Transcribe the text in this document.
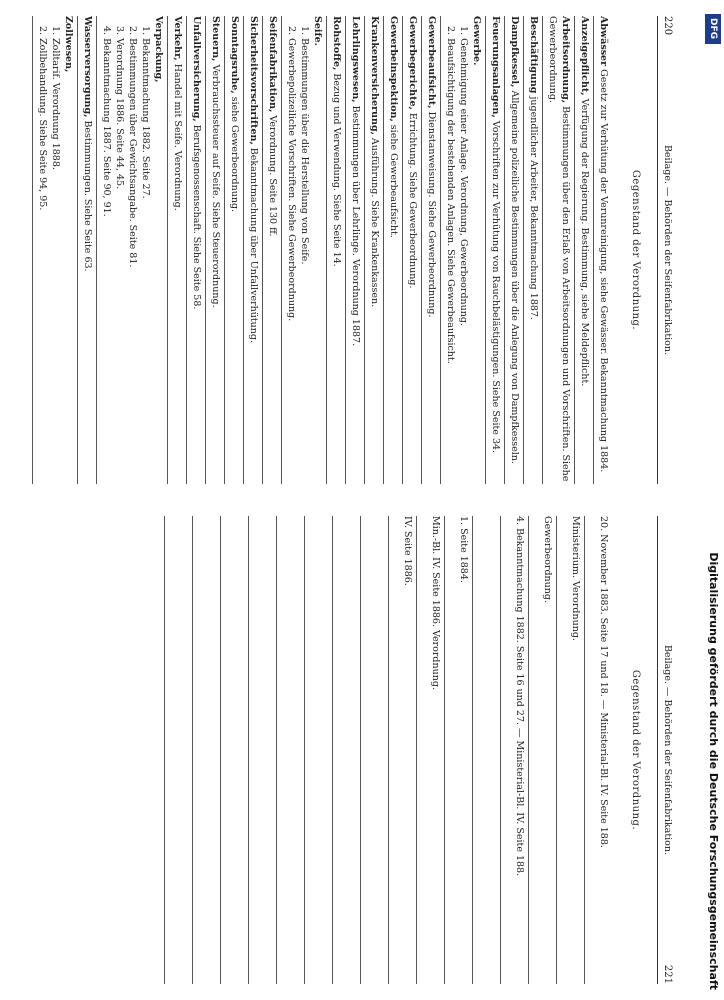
220
Beilage. — Behörden der Seifenfabrikation.
Gegenstand der Verordnung.
Abwässer Gesetz zur Verhütung der Verunreinigung, siehe Gewässer. Bekanntmachung 1884.
Anzeigepflicht, Verfügung der Regierung. Bestimmung, siehe Meldepflicht.
Arbeitsordnung, Bestimmungen über den Erlaß von Arbeitsordnungen und Vorschriften. Siehe Gewerbeordnung.
Beschäftigung jugendlicher Arbeiter, Bekanntmachung 1887.
Dampfkessel, Allgemeine polizeiliche Bestimmungen über die Anlegung von Dampfkesseln.
Feuerungsanlagen, Vorschriften zur Verhütung von Rauchbelästigungen. Siehe Seite 34.
Gewerbe.
1. Genehmigung einer Anlage. Verordnung, Gewerbeordnung.
2. Beaufsichtigung der bestehenden Anlagen. Siehe Gewerbeaufsicht.
Gewerbeaufsicht, Dienstanweisung. Siehe Gewerbeordnung.
Gewerbegerichte, Errichtung. Siehe Gewerbeordnung.
Gewerbeinspektion, siehe Gewerbeaufsicht.
Krankenversicherung, Ausführung. Siehe Krankenkassen.
Lehrlingswesen, Bestimmungen über Lehrlinge. Verordnung 1887.
Rohstoffe, Bezug und Verwendung. Siehe Seite 14.
Seife.
1. Bestimmungen über die Herstellung von Seife.
2. Gewerbepolizeiliche Vorschriften. Siehe Gewerbeordnung.
Seifenfabrikation, Verordnung. Seite 130 ff.
Sicherheitsvorschriften, Bekanntmachung über Unfallverhütung.
Sonntagsruhe, siehe Gewerbeordnung.
Steuern, Verbrauchssteuer auf Seife. Siehe Steuerordnung.
Unfallversicherung, Berufsgenossenschaft. Siehe Seite 58.
Verkehr, Handel mit Seife. Verordnung.
Verpackung,
1. Bekanntmachung 1882. Seite 27.
2. Bestimmungen über Gewichtsangabe. Seite 81.
3. Verordnung 1886. Seite 44, 45.
4. Bekanntmachung 1887. Seite 90, 91.
Wasserversorgung, Bestimmungen. Siehe Seite 63.
Zollwesen,
1. Zolltarif. Verordnung 1888.
2. Zollbehandlung. Siehe Seite 94, 95.
Beilage. — Behörden der Seifenfabrikation.
221
Gegenstand der Verordnung.
20. November 1883. Seite 17 und 18. — Ministerial-Bl. IV. Seite 188.
Ministerium. Verordnung.
Gewerbeordnung.
4. Bekanntmachung 1882. Seite 16 und 27. — Ministerial-Bl. IV. Seite 188.
1. Seite 1884.
Min.-Bl. IV. Seite 1886. Verordnung.
IV. Seite 1886.
DFG
Digitalisierung gefördert durch die Deutsche Forschungsgemeinschaft
